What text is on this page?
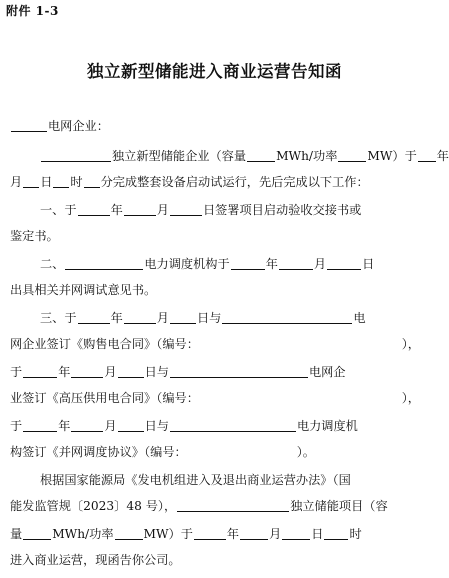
附件 1-3
独立新型储能进入商业运营告知函
电网企业：
独立新型储能企业（容量	MWh/功率	MW）于 年
月 日 时 分完成整套设备启动试运行，先后完成以下工作：
一、于	年	月	日签署项目启动验收交接书或
鉴定书。
二、	电力调度机构于	年	月	日
出具相关并网调试意见书。
三、于	年	月 日与	电
网企业签订《购售电合同》（编号：	），
于	年	月 日与	电网企
业签订《高压供用电合同》（编号：	），
于	年	月 日与	电力调度机
构签订《并网调度协议》（编号：	）。
根据国家能源局《发电机组进入及退出商业运营办法》（国
能发监管规〔2023〕48 号），	独立储能项目（容
量 MWh/功率 MW）于	年 月 日 时
进入商业运营，现函告你公司。
